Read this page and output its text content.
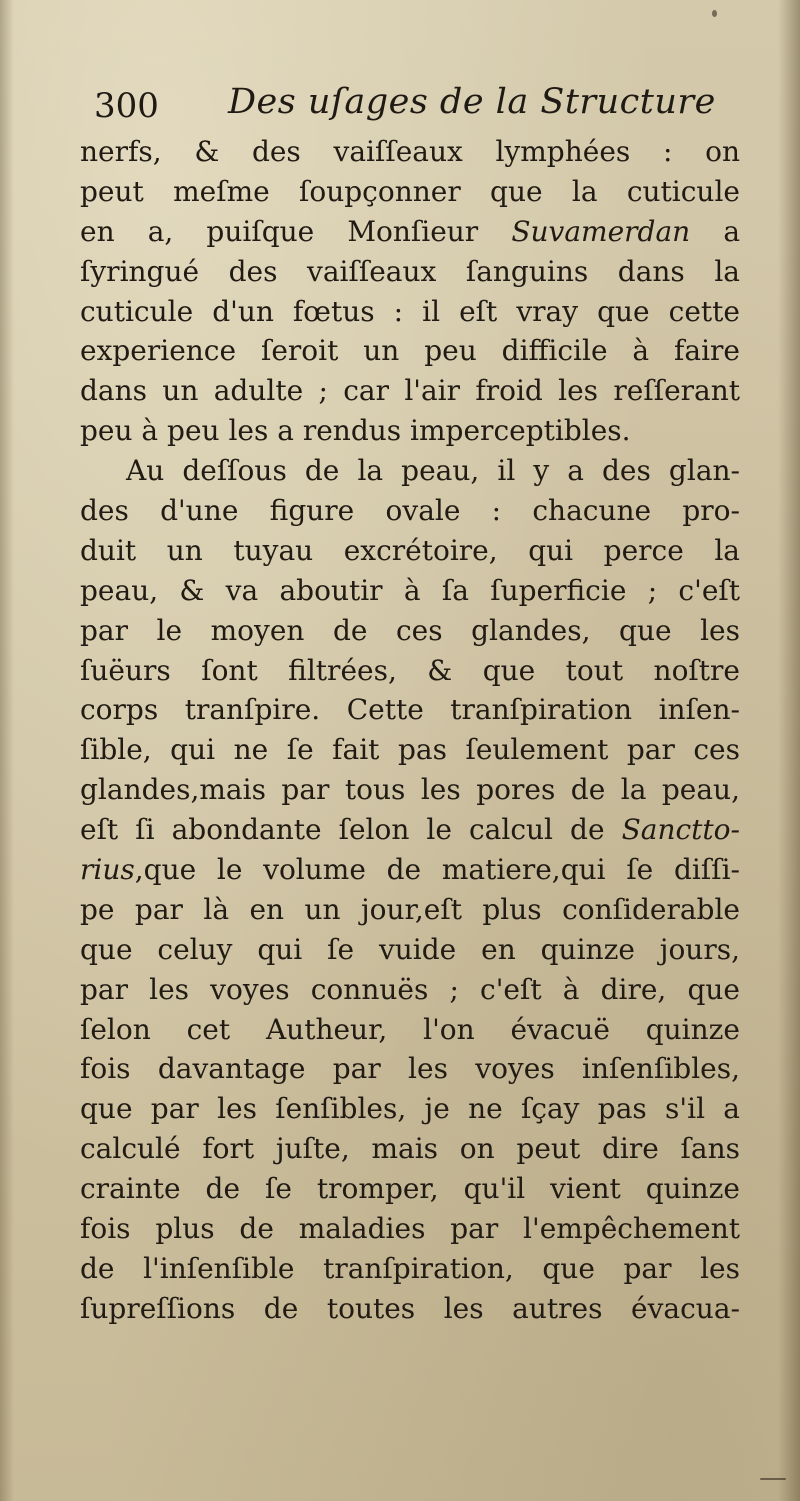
300 Des uſages de la Structure
nerfs, & des vaiſſeaux lymphées : on
peut meſme ſoupçonner que la cuticule
en a, puiſque Monſieur Suvamerdan a
ſyringué des vaiſſeaux ſanguins dans la
cuticule d'un fœtus : il eſt vray que cette
experience ſeroit un peu difficile à faire
dans un adulte ; car l'air froid les reſſerant
peu à peu les a rendus imperceptibles.
Au deſſous de la peau, il y a des glan-
des d'une figure ovale : chacune pro-
duit un tuyau excrétoire, qui perce la
peau, & va aboutir à ſa ſuperficie ; c'eſt
par le moyen de ces glandes, que les
ſuëurs ſont filtrées, & que tout noſtre
corps tranſpire. Cette tranſpiration inſen-
ſible, qui ne ſe fait pas ſeulement par ces
glandes,mais par tous les pores de la peau,
eſt ſi abondante ſelon le calcul de Sanctto-
rius,que le volume de matiere,qui ſe diſſi-
pe par là en un jour,eſt plus conſiderable
que celuy qui ſe vuide en quinze jours,
par les voyes connuës ; c'eſt à dire, que
ſelon cet Autheur, l'on évacuë quinze
fois davantage par les voyes inſenſibles,
que par les ſenſibles, je ne ſçay pas s'il a
calculé fort juſte, mais on peut dire ſans
crainte de ſe tromper, qu'il vient quinze
fois plus de maladies par l'empêchement
de l'inſenſible tranſpiration, que par les
ſupreſſions de toutes les autres évacua-
